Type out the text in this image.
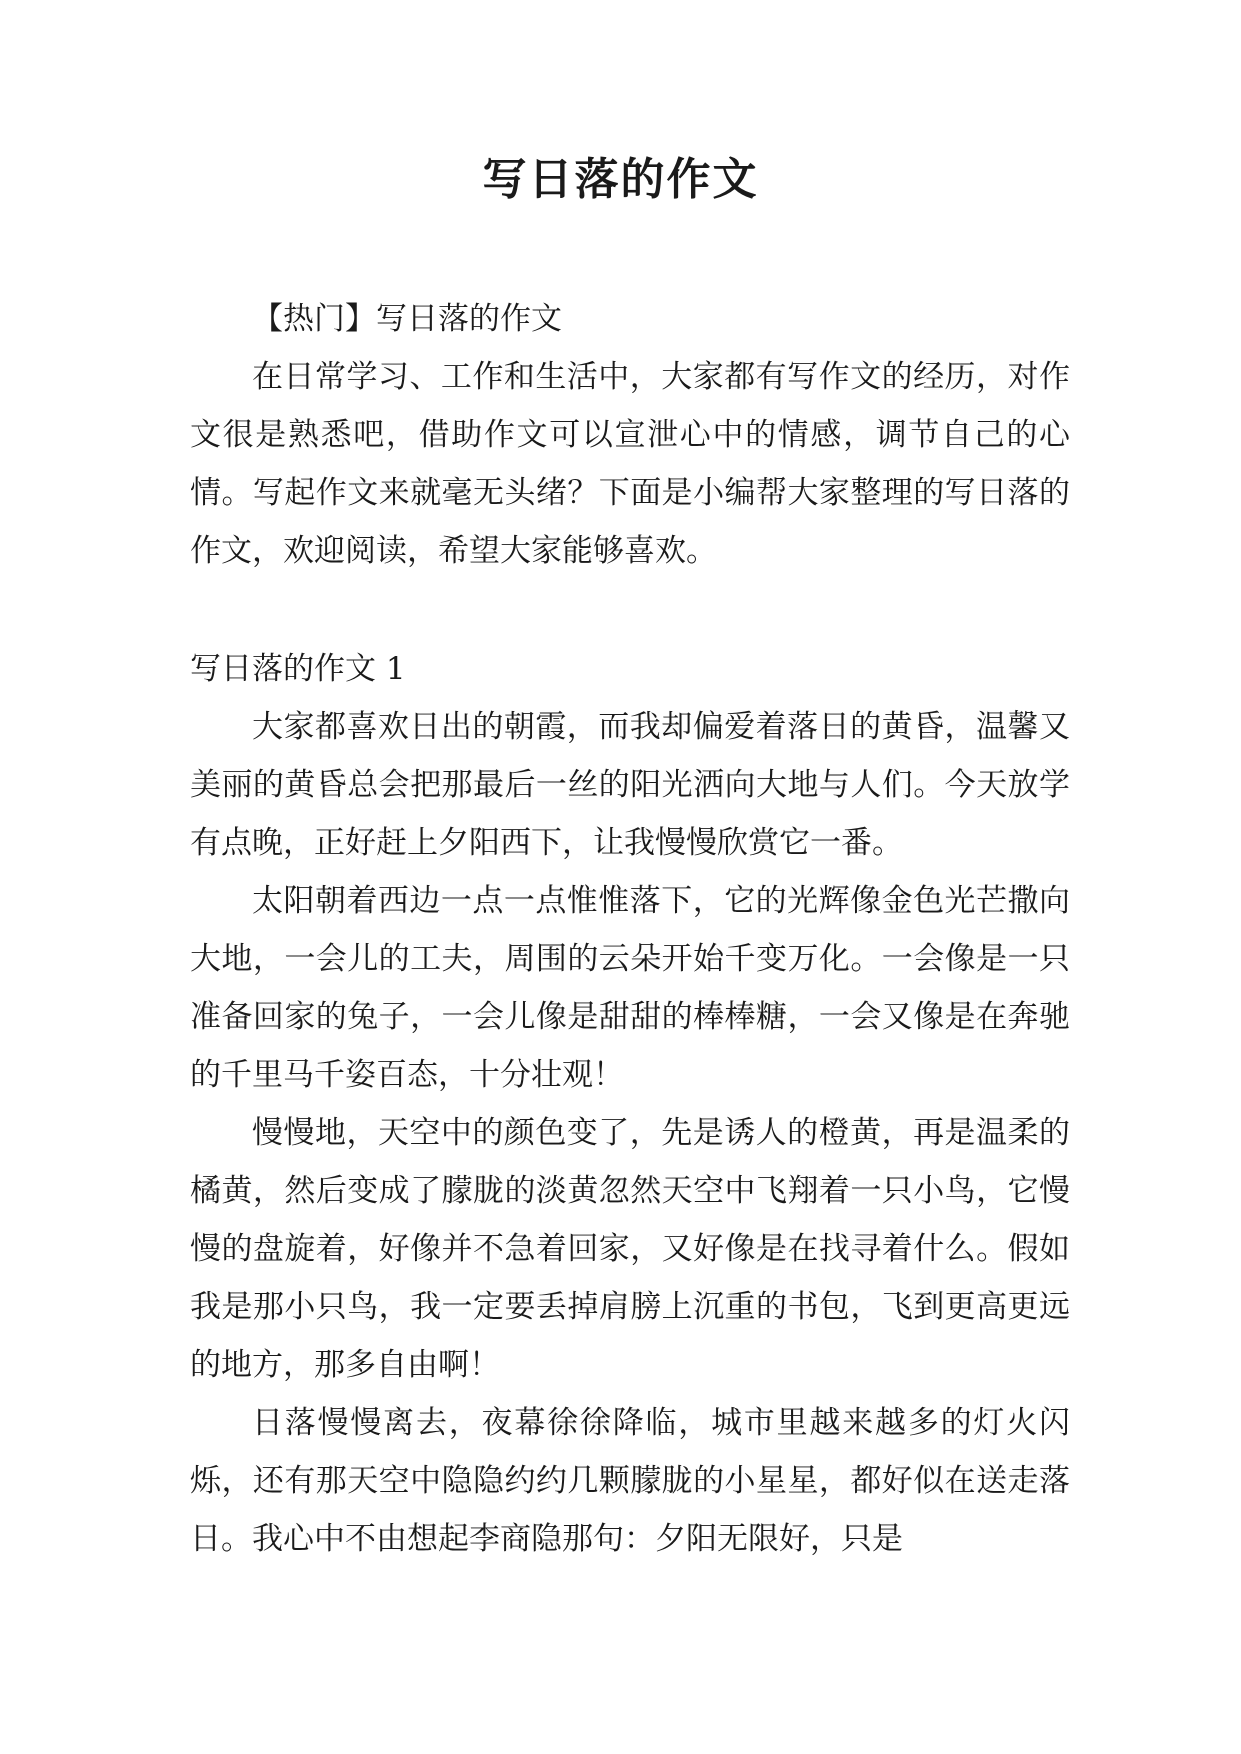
写日落的作文

【热门】写日落的作文

在日常学习、工作和生活中，大家都有写作文的经历，对作文很是熟悉吧，借助作文可以宣泄心中的情感，调节自己的心情。写起作文来就毫无头绪？下面是小编帮大家整理的写日落的作文，欢迎阅读，希望大家能够喜欢。

写日落的作文 1

大家都喜欢日出的朝霞，而我却偏爱着落日的黄昏，温馨又美丽的黄昏总会把那最后一丝的阳光洒向大地与人们。今天放学有点晚，正好赶上夕阳西下，让我慢慢欣赏它一番。

太阳朝着西边一点一点惟惟落下，它的光辉像金色光芒撒向大地，一会儿的工夫，周围的云朵开始千变万化。一会像是一只准备回家的兔子，一会儿像是甜甜的棒棒糖，一会又像是在奔驰的千里马千姿百态，十分壮观！

慢慢地，天空中的颜色变了，先是诱人的橙黄，再是温柔的橘黄，然后变成了朦胧的淡黄忽然天空中飞翔着一只小鸟，它慢慢的盘旋着，好像并不急着回家，又好像是在找寻着什么。假如我是那小只鸟，我一定要丢掉肩膀上沉重的书包，飞到更高更远的地方，那多自由啊！

日落慢慢离去，夜幕徐徐降临，城市里越来越多的灯火闪烁，还有那天空中隐隐约约几颗朦胧的小星星，都好似在送走落日。我心中不由想起李商隐那句：夕阳无限好，只是
